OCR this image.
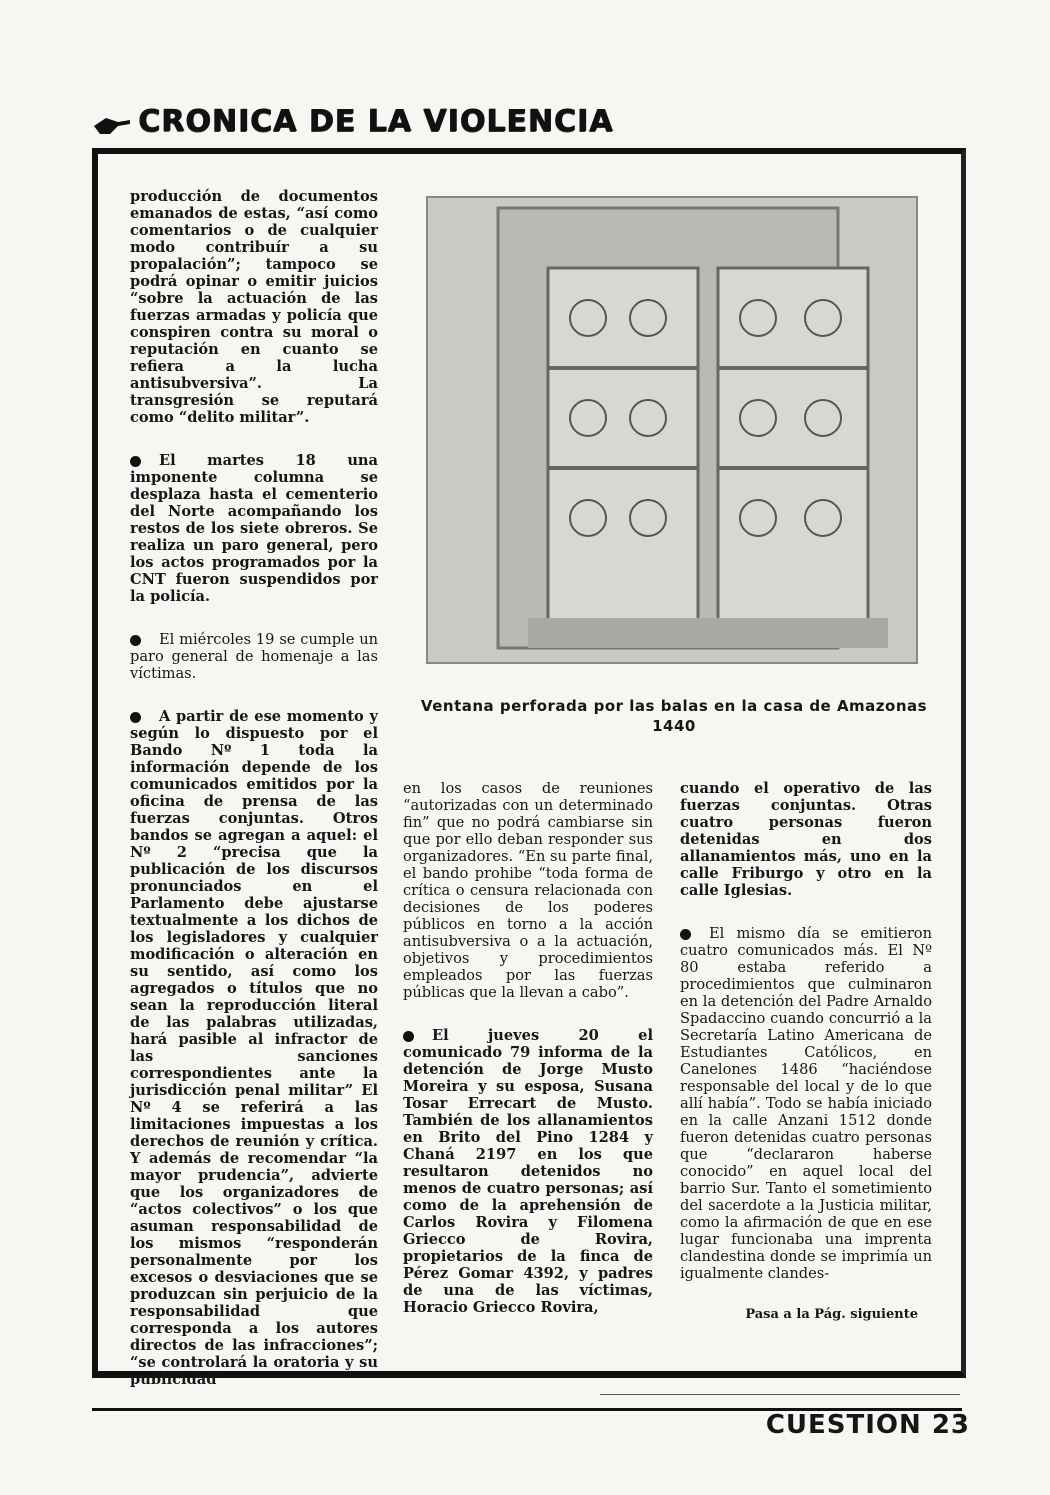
CRONICA DE LA VIOLENCIA

producción de documentos emanados de estas, “así como comentarios o de cualquier modo contribuír a su propalación”; tampoco se podrá opinar o emitir juicios “sobre la actuación de las fuerzas armadas y policía que conspiren contra su moral o reputación en cuanto se refiera a la lucha antisubversiva”. La transgresión se reputará como “delito militar”.

El martes 18 una imponente columna se desplaza hasta el cementerio del Norte acompañando los restos de los siete obreros. Se realiza un paro general, pero los actos programados por la CNT fueron suspendidos por la policía.

El miércoles 19 se cumple un paro general de homenaje a las víctimas.

A partir de ese momento y según lo dispuesto por el Bando Nº 1 toda la información depende de los comunicados emitidos por la oficina de prensa de las fuerzas conjuntas. Otros bandos se agregan a aquel: el Nº 2 “precisa que la publicación de los discursos pronunciados en el Parlamento debe ajustarse textualmente a los dichos de los legisladores y cualquier modificación o alteración en su sentido, así como los agregados o títulos que no sean la reproducción literal de las palabras utilizadas, hará pasible al infractor de las sanciones correspondientes ante la jurisdicción penal militar” El Nº 4 se referirá a las limitaciones impuestas a los derechos de reunión y crítica. Y además de recomendar “la mayor prudencia”, advierte que los organizadores de “actos colectivos” o los que asuman responsabilidad de los mismos “responderán personalmente por los excesos o desviaciones que se produzcan sin perjuicio de la responsabilidad que corresponda a los autores directos de las infracciones”; “se controlará la oratoria y su publicidad”

Ventana perforada por las balas en la casa de Amazonas 1440

en los casos de reuniones “autorizadas con un determinado fin” que no podrá cambiarse sin que por ello deban responder sus organizadores. “En su parte final, el bando prohibe “toda forma de crítica o censura relacionada con decisiones de los poderes públicos en torno a la acción antisubversiva o a la actuación, objetivos y procedimientos empleados por las fuerzas públicas que la llevan a cabo”.

El jueves 20 el comunicado 79 informa de la detención de Jorge Musto Moreira y su esposa, Susana Tosar Errecart de Musto. También de los allanamientos en Brito del Pino 1284 y Chaná 2197 en los que resultaron detenidos no menos de cuatro personas; así como de la aprehensión de Carlos Rovira y Filomena Griecco de Rovira, propietarios de la finca de Pérez Gomar 4392, y padres de una de las víctimas, Horacio Griecco Rovira,

cuando el operativo de las fuerzas conjuntas. Otras cuatro personas fueron detenidas en dos allanamientos más, uno en la calle Friburgo y otro en la calle Iglesias.

El mismo día se emitieron cuatro comunicados más. El Nº 80 estaba referido a procedimientos que culminaron en la detención del Padre Arnaldo Spadaccino cuando concurrió a la Secretaría Latino Americana de Estudiantes Católicos, en Canelones 1486 “haciéndose responsable del local y de lo que allí había”. Todo se había iniciado en la calle Anzani 1512 donde fueron detenidas cuatro personas que “declararon haberse conocido” en aquel local del barrio Sur. Tanto el sometimiento del sacerdote a la Justicia militar, como la afirmación de que en ese lugar funcionaba una imprenta clandestina donde se imprimía un igualmente clandes-

Pasa a la Pág. siguiente
CUESTION 23
